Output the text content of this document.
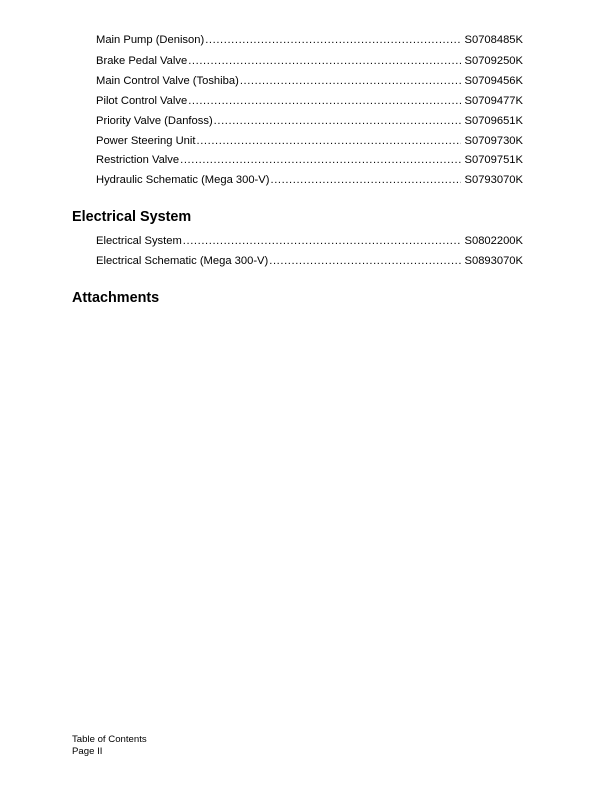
Main Pump (Denison) .....	S0708485K
Brake Pedal Valve .....	S0709250K
Main Control Valve (Toshiba) .....	S0709456K
Pilot Control Valve .....	S0709477K
Priority Valve (Danfoss) .....	S0709651K
Power Steering Unit .....	S0709730K
Restriction Valve .....	S0709751K
Hydraulic Schematic (Mega 300-V) .....	S0793070K
Electrical System
Electrical System .....	S0802200K
Electrical Schematic (Mega 300-V) .....	S0893070K
Attachments
Table of Contents
Page II
